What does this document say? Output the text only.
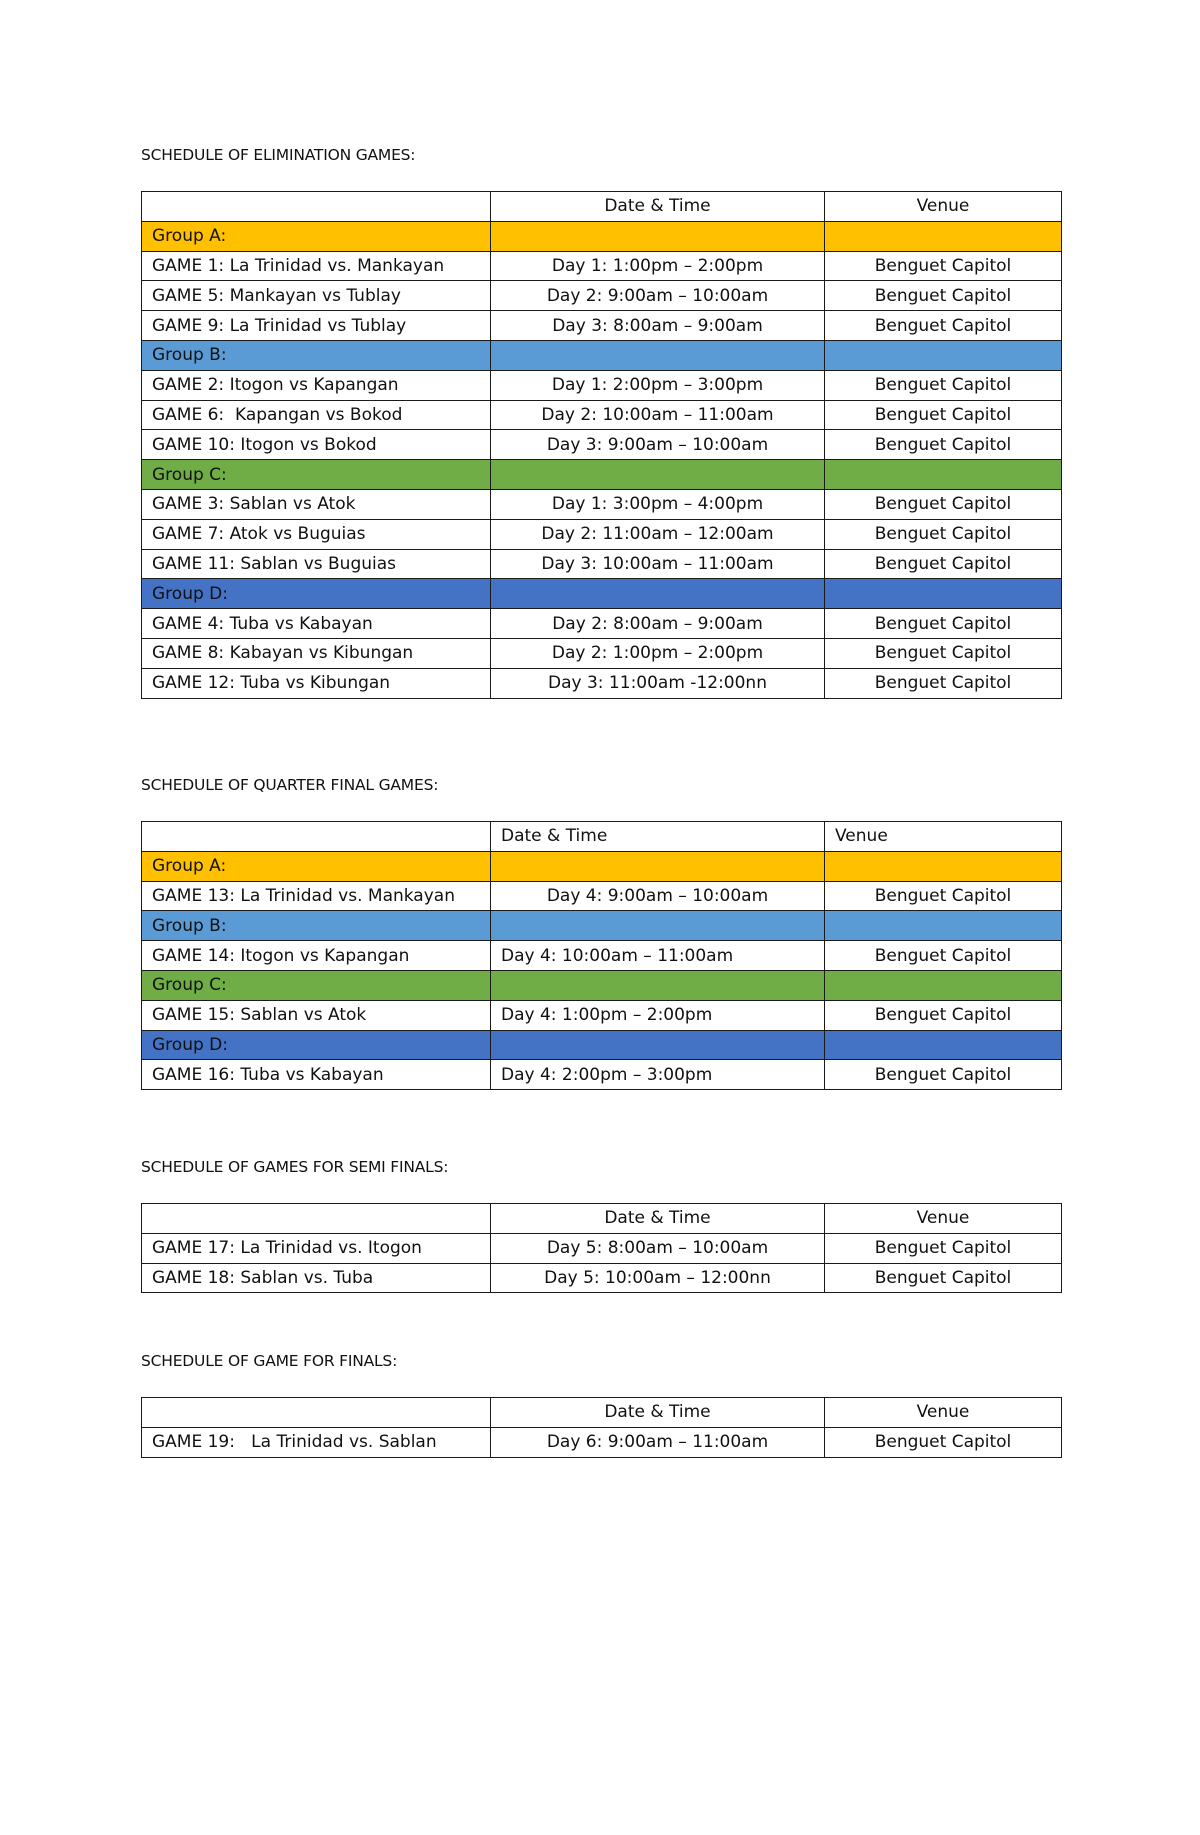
SCHEDULE OF ELIMINATION GAMES:
	Date & Time	Venue
Group A:		
GAME 1: La Trinidad vs. Mankayan	Day 1: 1:00pm – 2:00pm	Benguet Capitol
GAME 5: Mankayan vs Tublay	Day 2: 9:00am – 10:00am	Benguet Capitol
GAME 9: La Trinidad vs Tublay	Day 3: 8:00am – 9:00am	Benguet Capitol
Group B:		
GAME 2: Itogon vs Kapangan	Day 1: 2:00pm – 3:00pm	Benguet Capitol
GAME 6:  Kapangan vs Bokod	Day 2: 10:00am – 11:00am	Benguet Capitol
GAME 10: Itogon vs Bokod	Day 3: 9:00am – 10:00am	Benguet Capitol
Group C:		
GAME 3: Sablan vs Atok	Day 1: 3:00pm – 4:00pm	Benguet Capitol
GAME 7: Atok vs Buguias	Day 2: 11:00am – 12:00am	Benguet Capitol
GAME 11: Sablan vs Buguias	Day 3: 10:00am – 11:00am	Benguet Capitol
Group D:		
GAME 4: Tuba vs Kabayan	Day 2: 8:00am – 9:00am	Benguet Capitol
GAME 8: Kabayan vs Kibungan	Day 2: 1:00pm – 2:00pm	Benguet Capitol
GAME 12: Tuba vs Kibungan	Day 3: 11:00am -12:00nn	Benguet Capitol
SCHEDULE OF QUARTER FINAL GAMES:
	Date & Time	Venue
Group A:		
GAME 13: La Trinidad vs. Mankayan	Day 4: 9:00am – 10:00am	Benguet Capitol
Group B:		
GAME 14: Itogon vs Kapangan	Day 4: 10:00am – 11:00am	Benguet Capitol
Group C:		
GAME 15: Sablan vs Atok	Day 4: 1:00pm – 2:00pm	Benguet Capitol
Group D:		
GAME 16: Tuba vs Kabayan	Day 4: 2:00pm – 3:00pm	Benguet Capitol
SCHEDULE OF GAMES FOR SEMI FINALS:
	Date & Time	Venue
GAME 17: La Trinidad vs. Itogon	Day 5: 8:00am – 10:00am	Benguet Capitol
GAME 18: Sablan vs. Tuba	Day 5: 10:00am – 12:00nn	Benguet Capitol
SCHEDULE OF GAME FOR FINALS:
	Date & Time	Venue
GAME 19:   La Trinidad vs. Sablan	Day 6: 9:00am – 11:00am	Benguet Capitol
